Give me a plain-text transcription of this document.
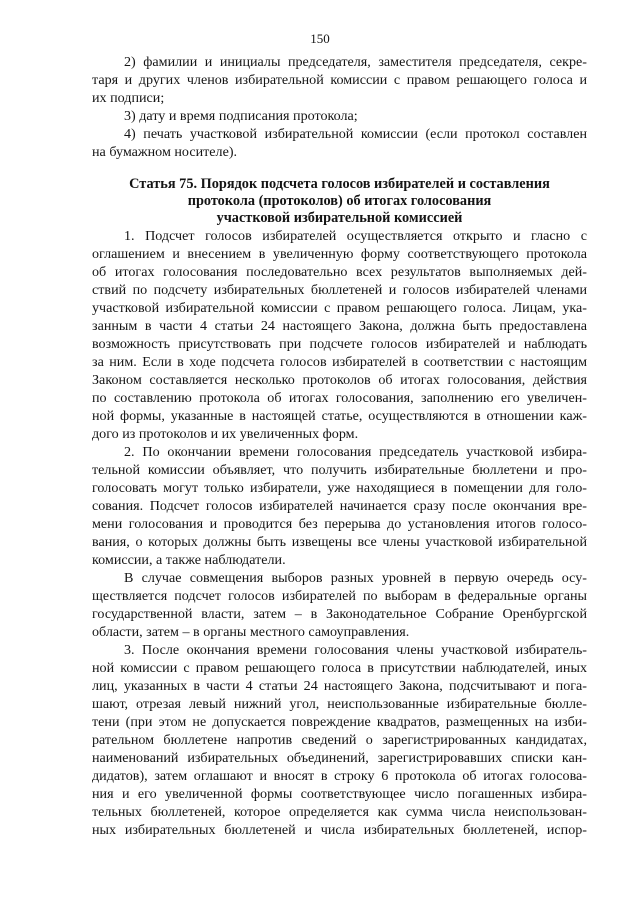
150
2) фамилии и инициалы председателя, заместителя председателя, секре-
таря и других членов избирательной комиссии с правом решающего голоса и
их подписи;
3) дату и время подписания протокола;
4) печать участковой избирательной комиссии (если протокол составлен
на бумажном носителе).
Статья 75. Порядок подсчета голосов избирателей и составления
протокола (протоколов) об итогах голосования
участковой избирательной комиссией
1. Подсчет голосов избирателей осуществляется открыто и гласно с
оглашением и внесением в увеличенную форму соответствующего протокола
об итогах голосования последовательно всех результатов выполняемых дей-
ствий по подсчету избирательных бюллетеней и голосов избирателей членами
участковой избирательной комиссии с правом решающего голоса. Лицам, ука-
занным в части 4 статьи 24 настоящего Закона, должна быть предоставлена
возможность присутствовать при подсчете голосов избирателей и наблюдать
за ним. Если в ходе подсчета голосов избирателей в соответствии с настоящим
Законом составляется несколько протоколов об итогах голосования, действия
по составлению протокола об итогах голосования, заполнению его увеличен-
ной формы, указанные в настоящей статье, осуществляются в отношении каж-
дого из протоколов и их увеличенных форм.
2. По окончании времени голосования председатель участковой избира-
тельной комиссии объявляет, что получить избирательные бюллетени и про-
голосовать могут только избиратели, уже находящиеся в помещении для голо-
сования. Подсчет голосов избирателей начинается сразу после окончания вре-
мени голосования и проводится без перерыва до установления итогов голосо-
вания, о которых должны быть извещены все члены участковой избирательной
комиссии, а также наблюдатели.
В случае совмещения выборов разных уровней в первую очередь осу-
ществляется подсчет голосов избирателей по выборам в федеральные органы
государственной власти, затем – в Законодательное Собрание Оренбургской
области, затем – в органы местного самоуправления.
3. После окончания времени голосования члены участковой избиратель-
ной комиссии с правом решающего голоса в присутствии наблюдателей, иных
лиц, указанных в части 4 статьи 24 настоящего Закона, подсчитывают и пога-
шают, отрезая левый нижний угол, неиспользованные избирательные бюлле-
тени (при этом не допускается повреждение квадратов, размещенных на изби-
рательном бюллетене напротив сведений о зарегистрированных кандидатах,
наименований избирательных объединений, зарегистрировавших списки кан-
дидатов), затем оглашают и вносят в строку 6 протокола об итогах голосова-
ния и его увеличенной формы соответствующее число погашенных избира-
тельных бюллетеней, которое определяется как сумма числа неиспользован-
ных избирательных бюллетеней и числа избирательных бюллетеней, испор-
